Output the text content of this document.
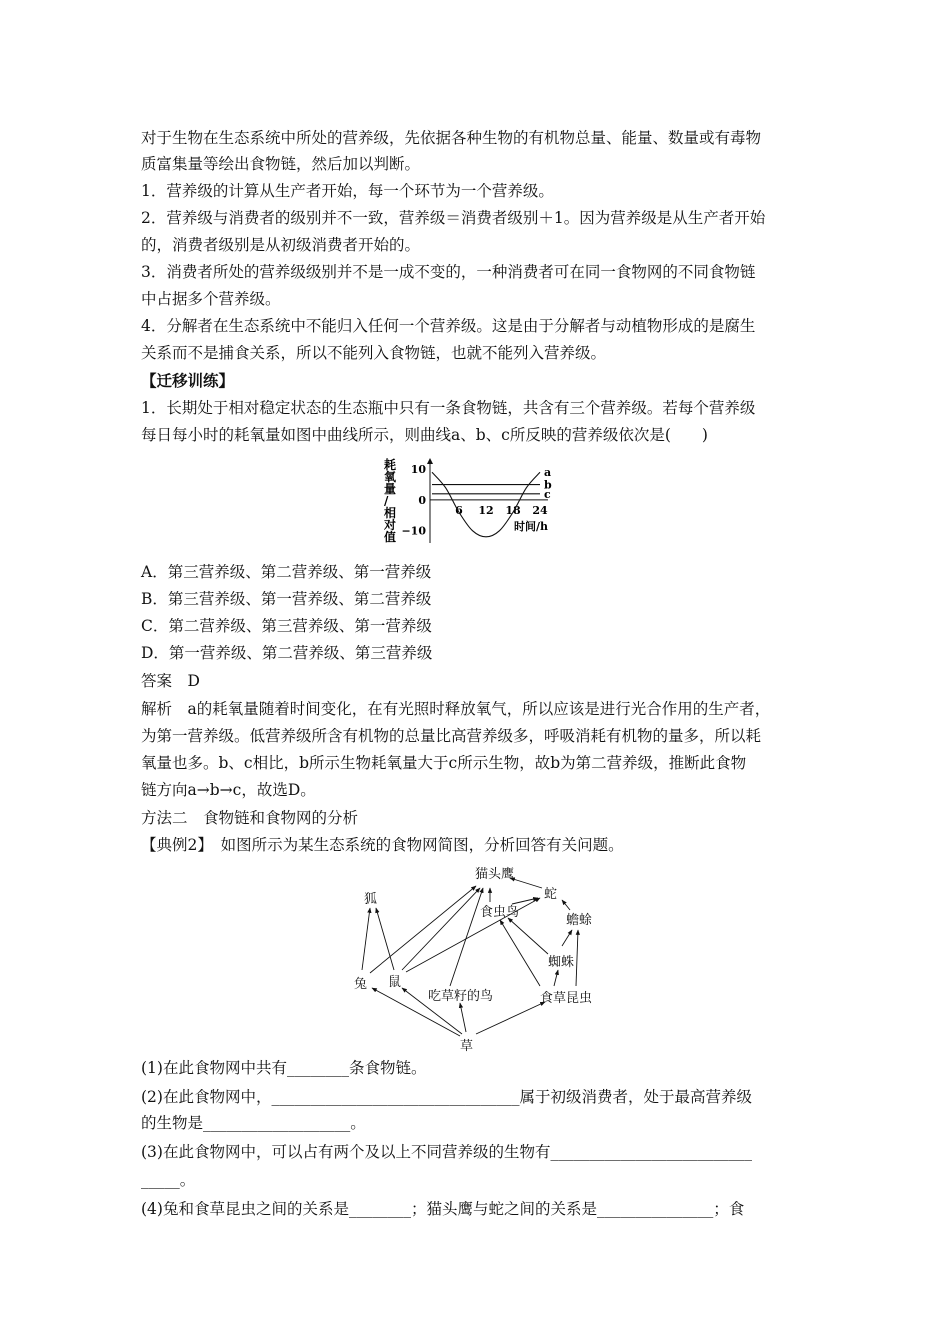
对于生物在生态系统中所处的营养级，先依据各种生物的有机物总量、能量、数量或有毒物
质富集量等绘出食物链，然后加以判断。
1．营养级的计算从生产者开始，每一个环节为一个营养级。
2．营养级与消费者的级别并不一致，营养级＝消费者级别＋1。因为营养级是从生产者开始
的，消费者级别是从初级消费者开始的。
3．消费者所处的营养级级别并不是一成不变的，一种消费者可在同一食物网的不同食物链
中占据多个营养级。
4．分解者在生态系统中不能归入任何一个营养级。这是由于分解者与动植物形成的是腐生
关系而不是捕食关系，所以不能列入食物链，也就不能列入营养级。
【迁移训练】
1．长期处于相对稳定状态的生态瓶中只有一条食物链，共含有三个营养级。若每个营养级
每日每小时的耗氧量如图中曲线所示，则曲线a、b、c所反映的营养级依次是(　　)
耗
氧
量
/
相
对
值
10
0
−10
6 12 18 24
时间/h
a
b
c
A．第三营养级、第二营养级、第一营养级
B．第三营养级、第一营养级、第二营养级
C．第二营养级、第三营养级、第一营养级
D．第一营养级、第二营养级、第三营养级
答案　D
解析　a的耗氧量随着时间变化，在有光照时释放氧气，所以应该是进行光合作用的生产者，
为第一营养级。低营养级所含有机物的总量比高营养级多，呼吸消耗有机物的量多，所以耗
氧量也多。b、c相比，b所示生物耗氧量大于c所示生物，故b为第二营养级，推断此食物
链方向a→b→c，故选D。
方法二　食物链和食物网的分析
【典例2】　如图所示为某生态系统的食物网简图，分析回答有关问题。
猫头鹰
狐	蛇
食虫鸟
蟾蜍
蜘蛛
兔 鼠
吃草籽的鸟	食草昆虫
草
(1)在此食物网中共有________条食物链。
(2)在此食物网中，________________________________属于初级消费者，处于最高营养级
的生物是___________________。
(3)在此食物网中，可以占有两个及以上不同营养级的生物有__________________________
_____。
(4)兔和食草昆虫之间的关系是________；猫头鹰与蛇之间的关系是_______________；食
